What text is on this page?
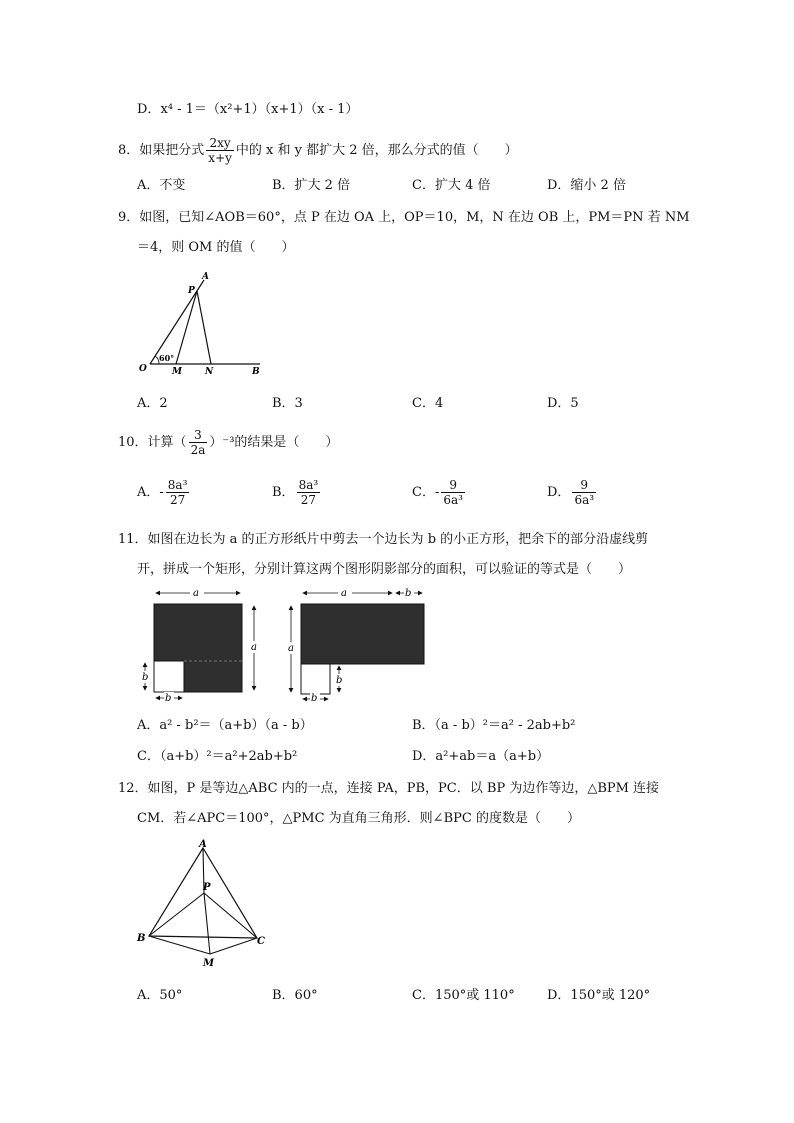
D．x⁴ - 1＝（x²+1）（x+1）（x - 1）
8．如果把分式 $\frac{2xy}{x+y}$ 中的 x 和 y 都扩大 2 倍，那么分式的值（　　）
A．不变	B．扩大 2 倍	C．扩大 4 倍	D．缩小 2 倍
9．如图，已知∠AOB＝60°，点 P 在边 OA 上，OP＝10，M，N 在边 OB 上，PM＝PN 若 NM
＝4，则 OM 的值（　　）
A
P
O	M	N	B
60°
A．2	B．3	C．4	D．5
10．计算（ $\frac{3}{2a} )^{-3}$的结果是（　　）
A．- $\frac{\text{8a³}}{27}$	B． $\frac{\text{8a³}}{27}$	C．- $\frac{9}{\text{6a³}}$	D． $\frac{9}{\text{6a³}}$
11．如图在边长为 a 的正方形纸片中剪去一个边长为 b 的小正方形，把余下的部分沿虚线剪
开，拼成一个矩形，分别计算这两个图形阴影部分的面积，可以验证的等式是（　　）
a
a
b
b
a	b
a
b
b
A．a² - b²＝（a+b）（a - b）	B．（a - b）²＝a² - 2ab+b²
C．（a+b）²＝a²+2ab+b²	D．a²+ab＝a（a+b）
12．如图，P 是等边△ABC 内的一点，连接 PA，PB，PC．以 BP 为边作等边，△BPM 连接
CM．若∠APC＝100°，△PMC 为直角三角形．则∠BPC 的度数是（　　）
A
P
B	C
M
A．50°	B．60°	C．150°或 110° D．150°或 120°
